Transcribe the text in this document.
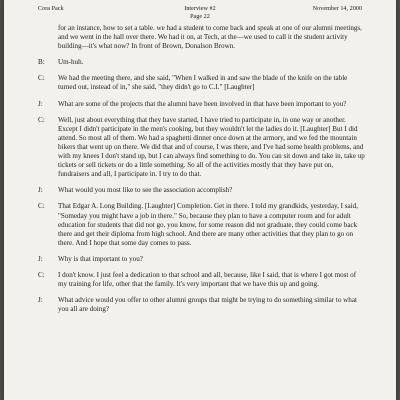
Cora Pack	Interview #2
Page 22
November 14, 2000
for an instance, how to set a table. we had a student to come back and speak at one of our alumni meetings, and we went in the hall over there. We had it on, at Tech, at the—we used to call it the student activity building—it's what now? In front of Brown, Donalson Brown.
B: Um-huh.
C: We had the meeting there, and she said, "When I walked in and saw the blade of the knife on the table turned out, instead of in," she said, "they didn't go to C.I." [Laughter]
J: What are some of the projects that the alumni have been involved in that have been important to you?
C: Well, just about everything that they have started, I have tried to participate in, in one way or another. Except I didn't participate in the men's cooking, but they wouldn't let the ladies do it. [Laughter] But I did attend. So most all of them. We had a spaghetti dinner once down at the armory, and we fed the mountain bikers that went up on there. We did that and of course, I was there, and I've had some health problems, and with my knees I don't stand up, but I can always find something to do. You can sit down and take in, take up tickets or sell tickets or do a little something. So all of the activities mostly that they have put on, fundraisers and all, I participate in. I try to do that.
J: What would you most like to see the association accomplish?
C: That Edgar A. Long Building. [Laughter] Completion. Get in there. I told my grandkids, yesterday, I said, "Someday you might have a job in there." So, because they plan to have a computer room and for adult education for students that did not go, you know, for some reason did not graduate, they could come back there and get their diploma from high school. And there are many other activities that they plan to go on there. And I hope that some day comes to pass.
J: Why is that important to you?
C: I don't know. I just feel a dedication to that school and all, because, like I said, that is where I got most of my training for life, other that the family. It's very important that we have this up and going.
J: What advice would you offer to other alumni groups that might be trying to do something similar to what you all are doing?
